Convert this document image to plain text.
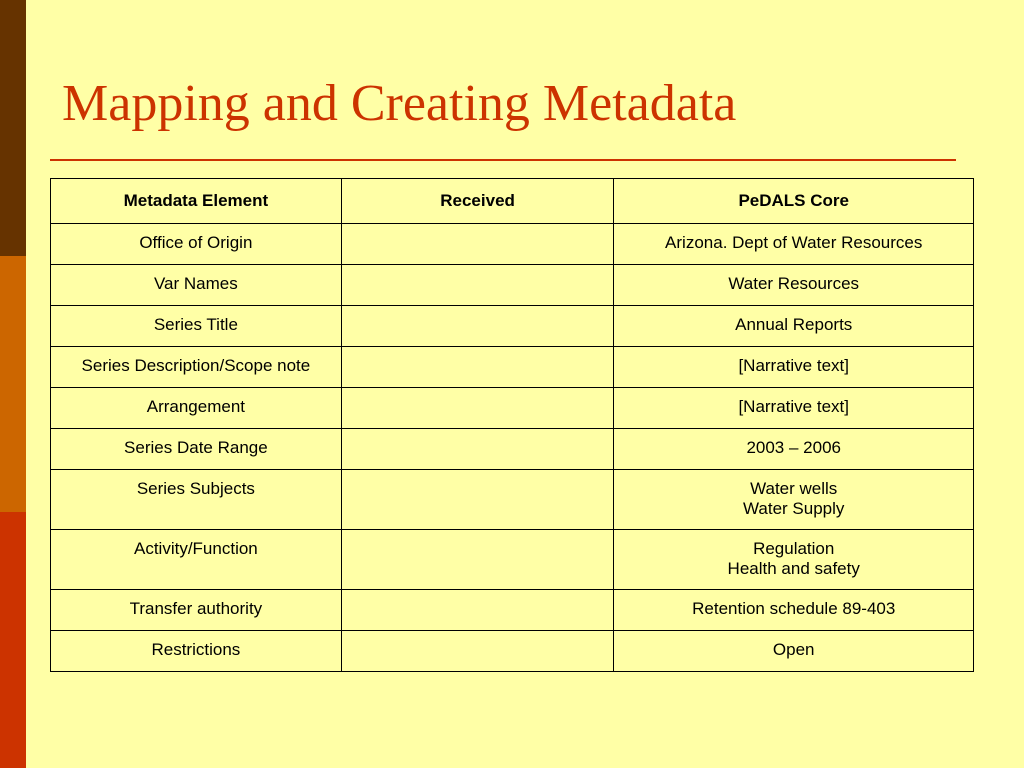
Mapping and Creating Metadata
Metadata Element	Received	PeDALS Core
Office of Origin		Arizona. Dept of Water Resources

Var Names		Water Resources

Series Title		Annual Reports

Series Description/Scope note		[Narrative text]

Arrangement		[Narrative text]

Series Date Range		2003 – 2006

Series Subjects		Water wells
Water Supply

Activity/Function		Regulation
Health and safety

Transfer authority		Retention schedule 89-403

Restrictions		Open
